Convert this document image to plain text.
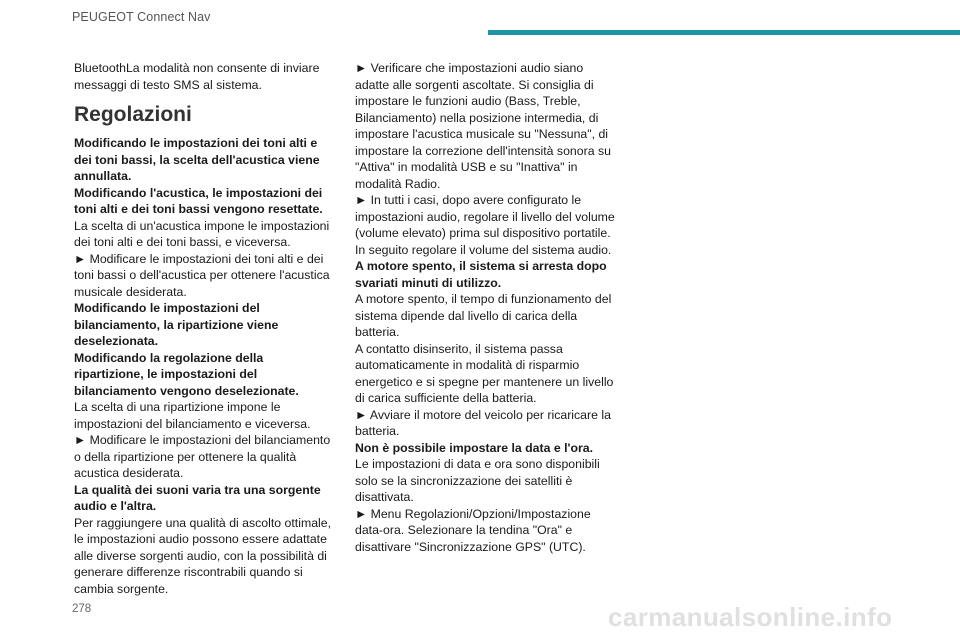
PEUGEOT Connect Nav

BluetoothLa modalità non consente di inviare messaggi di testo SMS al sistema.

Regolazioni

Modificando le impostazioni dei toni alti e dei toni bassi, la scelta dell'acustica viene annullata.

Modificando l'acustica, le impostazioni dei toni alti e dei toni bassi vengono resettate.

La scelta di un'acustica impone le impostazioni dei toni alti e dei toni bassi, e viceversa.

► Modificare le impostazioni dei toni alti e dei toni bassi o dell'acustica per ottenere l'acustica musicale desiderata.

Modificando le impostazioni del bilanciamento, la ripartizione viene deselezionata.

Modificando la regolazione della ripartizione, le impostazioni del bilanciamento vengono deselezionate.

La scelta di una ripartizione impone le impostazioni del bilanciamento e viceversa.

► Modificare le impostazioni del bilanciamento o della ripartizione per ottenere la qualità acustica desiderata.

La qualità dei suoni varia tra una sorgente audio e l'altra.

Per raggiungere una qualità di ascolto ottimale, le impostazioni audio possono essere adattate alle diverse sorgenti audio, con la possibilità di generare differenze riscontrabili quando si cambia sorgente.

► Verificare che impostazioni audio siano adatte alle sorgenti ascoltate. Si consiglia di impostare le funzioni audio (Bass, Treble, Bilanciamento) nella posizione intermedia, di impostare l'acustica musicale su "Nessuna", di impostare la correzione dell'intensità sonora su "Attiva" in modalità USB e su "Inattiva" in modalità Radio.

► In tutti i casi, dopo avere configurato le impostazioni audio, regolare il livello del volume (volume elevato) prima sul dispositivo portatile. In seguito regolare il volume del sistema audio.

A motore spento, il sistema si arresta dopo svariati minuti di utilizzo.

A motore spento, il tempo di funzionamento del sistema dipende dal livello di carica della batteria.

A contatto disinserito, il sistema passa automaticamente in modalità di risparmio energetico e si spegne per mantenere un livello di carica sufficiente della batteria.

► Avviare il motore del veicolo per ricaricare la batteria.

Non è possibile impostare la data e l'ora.

Le impostazioni di data e ora sono disponibili solo se la sincronizzazione dei satelliti è disattivata.

► Menu Regolazioni/Opzioni/Impostazione data-ora. Selezionare la tendina "Ora" e disattivare "Sincronizzazione GPS" (UTC).

278	carmanualsonline.info
